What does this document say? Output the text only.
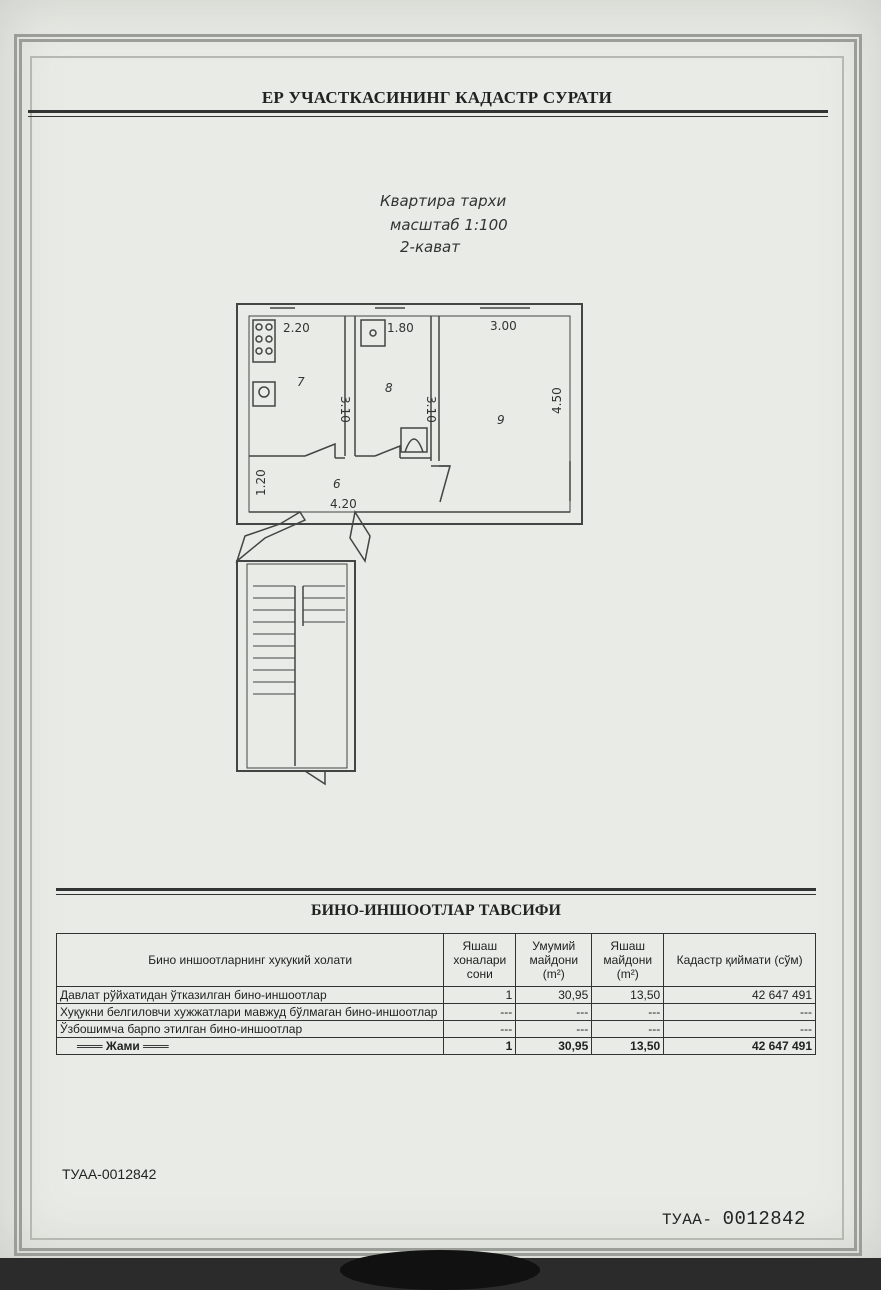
ЕР УЧАСТКАСИНИНГ КАДАСТР СУРАТИ
Квартира тархи
масштаб 1:100
2-кават
2.20
3.10
7
1.80
3.10
8
3.00
4.50
9
4.20
1.20	6
БИНО-ИНШООТЛАР ТАВСИФИ
Бино иншоотларнинг хукукий холати	Яшаш хоналари сони	Умумий майдони (m²)	Яшаш майдони (m²)	Кадастр қиймати (сўм)
Давлат рўйхатидан ўтказилган бино-иншоотлар	1	30,95	13,50	42 647 491
Хуқукни белгиловчи хужжатлари мавжуд бўлмаган бино-иншоотлар	---	---	---	---
Ўзбошимча барпо этилган бино-иншоотлар	---	---	---	---
═══ Жами ═══	1	30,95	13,50	42 647 491
ТУАА-0012842
ТУАА- 0012842
